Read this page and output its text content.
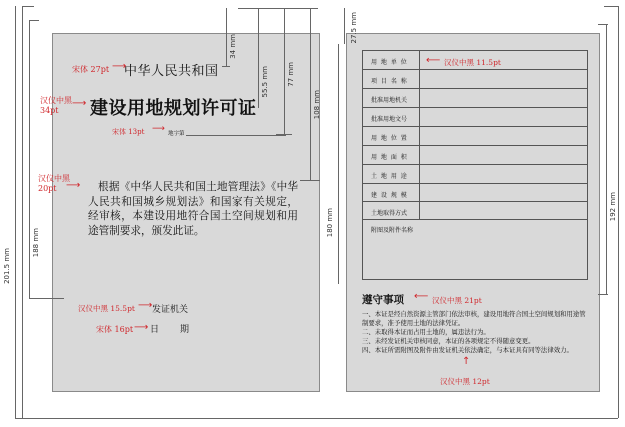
201.5 mm
188 mm
34 mm
55.5 mm	77 mm
108 mm
宋体 27pt ⟶
中华人民共和国
汉仪中黑 34pt
⟶ 建设用地规划许可证
宋体 13pt ⟶ 地字第
汉仪中黑 20pt ⟶	根据《中华人民共和国土地管理法》《中华人民共和国城乡规划法》和国家有关规定，经审核，本建设用地符合国土空间规划和用途管制要求，颁发此证。
汉仪中黑 15.5pt ⟶ 发证机关
宋体 16pt ⟶ 日 期
27.5 mm
180 mm
192 mm
用 地 单 位
项 目 名 称
批准用地机关
批准用地文号
用 地 位 置
用 地 面 积
土 地 用 途
建 设 规 模
土地取得方式
附图及附件名称
⟵ 汉仪中黑 11.5pt
遵守事项 ⟵ 汉仪中黑 21pt
一、本证是经自然资源主管部门依法审核，建设用地符合国土空间规划和用途管制要求，准予使用土地的法律凭证。
二、未取得本证而占用土地的，属违法行为。
三、未经发证机关审核同意，本证的各项规定不得随意变更。
四、本证所需附图及附件由发证机关依法确定，与本证具有同等法律效力。
↑
汉仪中黑 12pt
